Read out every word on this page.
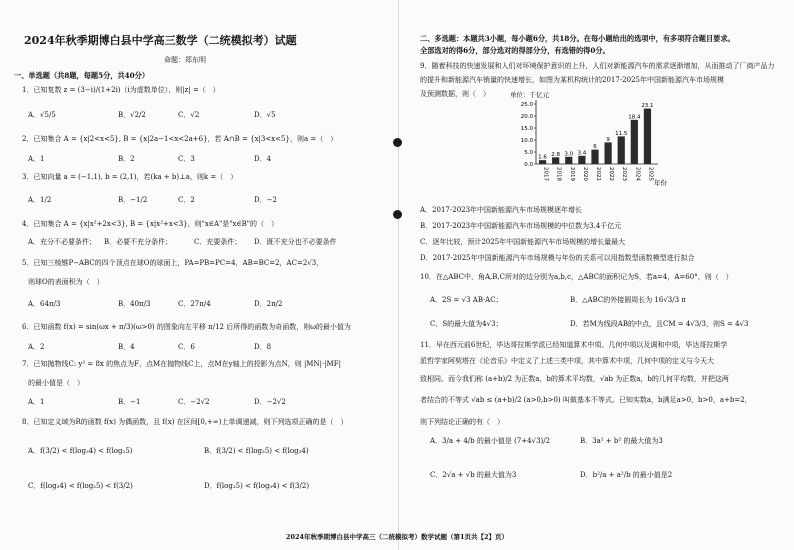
2024年秋季期博白县中学高三数学（二统模拟考）试题
命题：郑东明
一、单选题（共8题，每题5分，共40分）
1．已知复数 z = (3−i)/(1+2i)（i为虚数单位），则|z| =（　）
A．√5/5	B．√2/2	C．√2	D．√5
2．已知集合 A = {x|2<x<5}, B = {x|2a−1<x<2a+6}，若 A∩B = {x|3<x<5}，则a =（　）
A．1	B．2	C．3	D．4
3．已知向量 a = (−1,1), b = (2,1)，若(ka + b)⊥a，则k =（　）
A．1/2	B．−1/2	C．2	D．−2
4．已知集合 A = {x|x²+2x<3}, B = {x|x²+x<3}，则"x∈A"是"x∈B"的（　）
A．充分不必要条件； B．必要不充分条件；	C．充要条件； D．既不充分也不必要条件
5．已知三棱锥P−ABC的四个顶点在球O的球面上，PA=PB=PC=4，AB=BC=2，AC=2√3，
则球O的表面积为（　）
A．64π/3	B．40π/3	C．27π/4	D．2π/2
6．已知函数 f(x) = sin(ωx + π/3)(ω>0) 的图象向左平移 π/12 后所得的函数为奇函数，则ω的最小值为
A．2	B．4	C．6	D．8
7．已知抛物线C: y² = 8x 的焦点为F，点M在抛物线C上，点M在y轴上的投影为点N，则 |MN|·|MF|
的最小值是（　）
A．1	B．−1	C．−2√2	D．−2√2
8．已知定义域为R的函数 f(x) 为偶函数，且 f(x) 在区间[0,+∞)上单调递减，则下列选项正确的是（　）
A．f(3/2) < f(log₃4) < f(log₂5)	B．f(3/2) < f(log₂5) < f(log₃4)
C．f(log₃4) < f(log₂5) < f(3/2)	D．f(log₂5) < f(log₃4) < f(3/2)
二、多选题：本题共3小题，每小题6分，共18分。在每小题给出的选项中，有多项符合题目要求。
全部选对的得6分，部分选对的得部分分，有选错的得0分。
9．随着科技的快速发展和人们对环境保护意识的上升，人们对新能源汽车的需求逐渐增加，从而推动了厂商产品力
的提升和新能源汽车销量的快速增长，如图为某机构统计的2017-2025年中国新能源汽车市场规模
及预测数据，则（　）	单位：千亿元
年份
0.0
5.0
10.0
15.0
20.0
25.0
1.6
2017
2.8
2018
3.0
2019
3.4
2020
6
2021
9
2022
11.5
2023
18.4
2024
23.1
2025
A．2017-2023年中国新能源汽车市场规模逐年增长
B．2017-2023年中国新能源汽车市场规模的中位数为3.4千亿元
C．逐年比较，预计2025年中国新能源汽车市场规模的增长量最大
D．2017-2025年中国新能源汽车市场规模与年份的关系可以用指数型函数模型进行拟合
10．在△ABC中，角A,B,C所对的边分别为a,b,c，△ABC的面积记为S，若a=4，A=60°，则（　）
A．2S = √3 AB·AC；	B．△ABC的外接圆周长为 16√3/3 π
C．S的最大值为4√3；	D．若M为线段AB的中点，且CM = 4√3/3，则S = 4√3
11．早在西元前6世纪，毕达哥拉斯学派已经知道算术中项、几何中项以及调和中项，毕达哥拉斯学
派哲学家阿契塔在《论音乐》中定义了上述三类中项，其中算术中项，几何中项的定义与今天大
致相同。而今我们称 (a+b)/2 为正数a，b的算术平均数，√ab 为正数a，b的几何平均数，并把这两
者结合的不等式 √ab ≤ (a+b)/2 (a>0,b>0) 叫做基本不等式。已知实数a，b满足a>0，b>0，a+b=2，
则下列结论正确的有（　）
A．3/a + 4/b 的最小值是 (7+4√3)/2	B．3a² + b² 的最大值为3
C．2√a + √b 的最大值为3	D．b²/a + a²/b 的最小值是2
2024年秋季期博白县中学高三（二统模拟考）数学试题（第1页共【2】页）
